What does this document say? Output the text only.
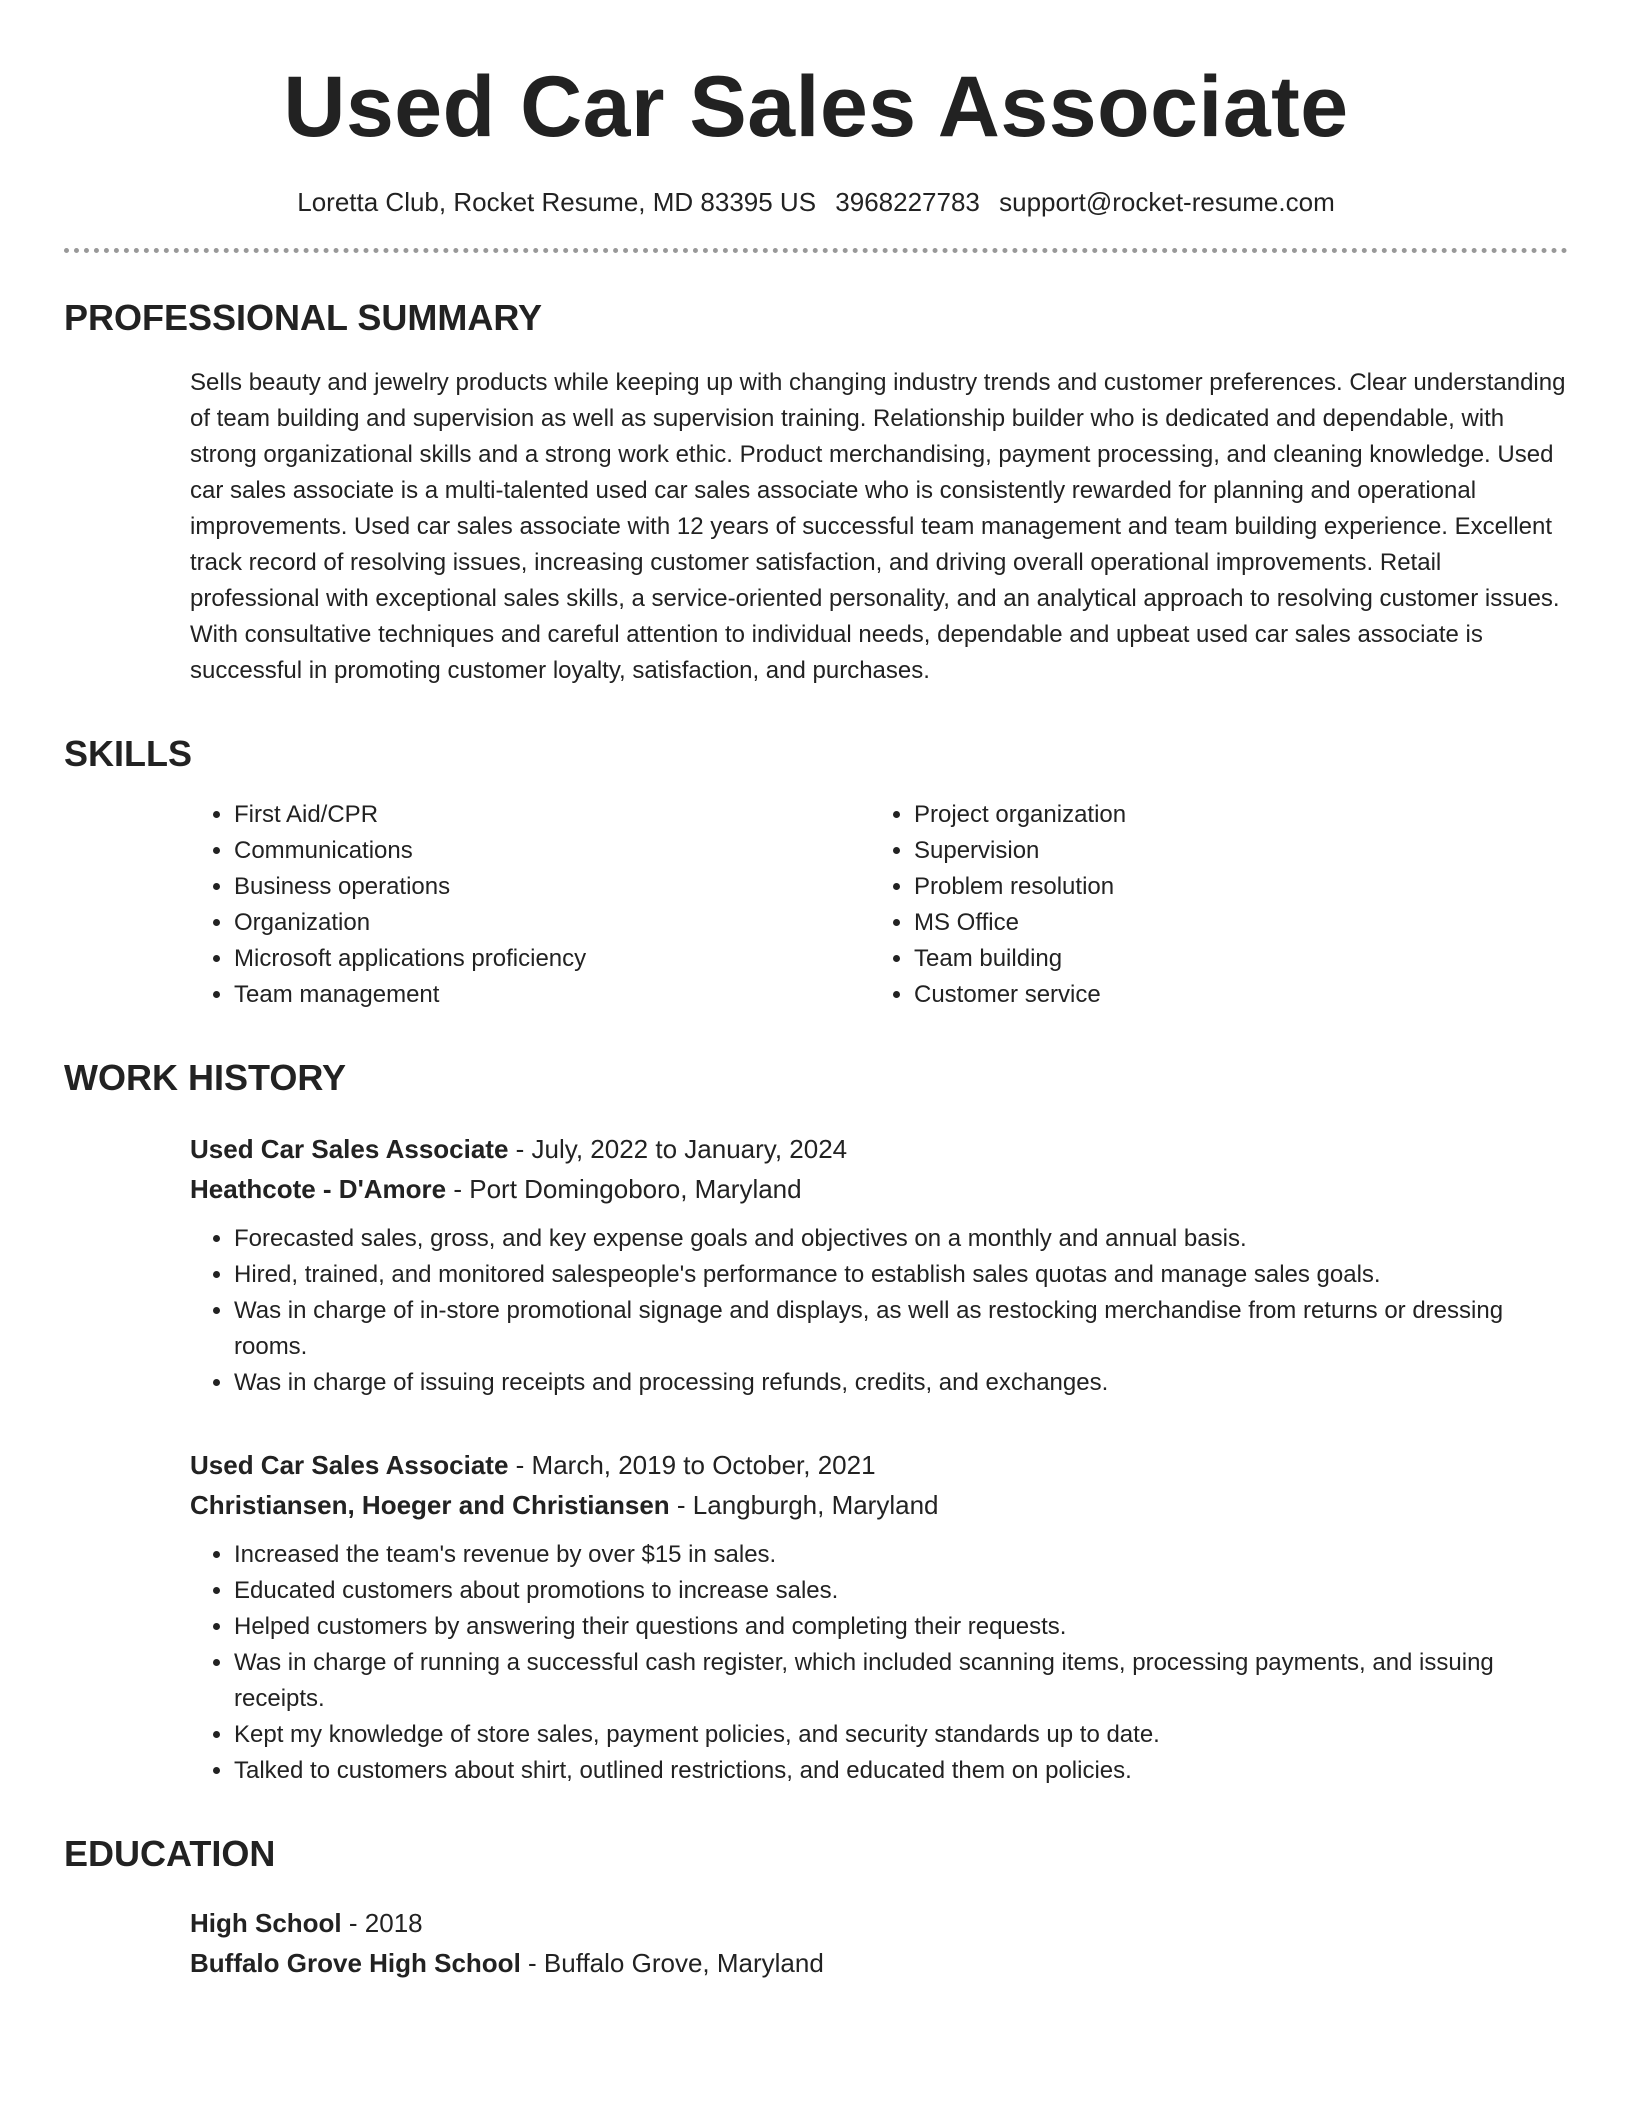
Used Car Sales Associate
Loretta Club, Rocket Resume, MD 83395 US 3968227783 support@rocket-resume.com
PROFESSIONAL SUMMARY

Sells beauty and jewelry products while keeping up with changing industry trends and customer preferences. Clear understanding of team building and supervision as well as supervision training. Relationship builder who is dedicated and dependable, with strong organizational skills and a strong work ethic. Product merchandising, payment processing, and cleaning knowledge. Used car sales associate is a multi-talented used car sales associate who is consistently rewarded for planning and operational improvements. Used car sales associate with 12 years of successful team management and team building experience. Excellent track record of resolving issues, increasing customer satisfaction, and driving overall operational improvements. Retail professional with exceptional sales skills, a service-oriented personality, and an analytical approach to resolving customer issues. With consultative techniques and careful attention to individual needs, dependable and upbeat used car sales associate is successful in promoting customer loyalty, satisfaction, and purchases.

SKILLS
• First Aid/CPR
• Communications
• Business operations
• Organization
• Microsoft applications proficiency
• Team management
• Project organization
• Supervision
• Problem resolution
• MS Office
• Team building
• Customer service
WORK HISTORY
Used Car Sales Associate - July, 2022 to January, 2024
Heathcote - D'Amore - Port Domingoboro, Maryland
• Forecasted sales, gross, and key expense goals and objectives on a monthly and annual basis.
• Hired, trained, and monitored salespeople's performance to establish sales quotas and manage sales goals.
• Was in charge of in-store promotional signage and displays, as well as restocking merchandise from returns or dressing rooms.
• Was in charge of issuing receipts and processing refunds, credits, and exchanges.
Used Car Sales Associate - March, 2019 to October, 2021
Christiansen, Hoeger and Christiansen - Langburgh, Maryland
• Increased the team's revenue by over $15 in sales.
• Educated customers about promotions to increase sales.
• Helped customers by answering their questions and completing their requests.
• Was in charge of running a successful cash register, which included scanning items, processing payments, and issuing receipts.
• Kept my knowledge of store sales, payment policies, and security standards up to date.
• Talked to customers about shirt, outlined restrictions, and educated them on policies.
EDUCATION
High School - 2018
Buffalo Grove High School - Buffalo Grove, Maryland
